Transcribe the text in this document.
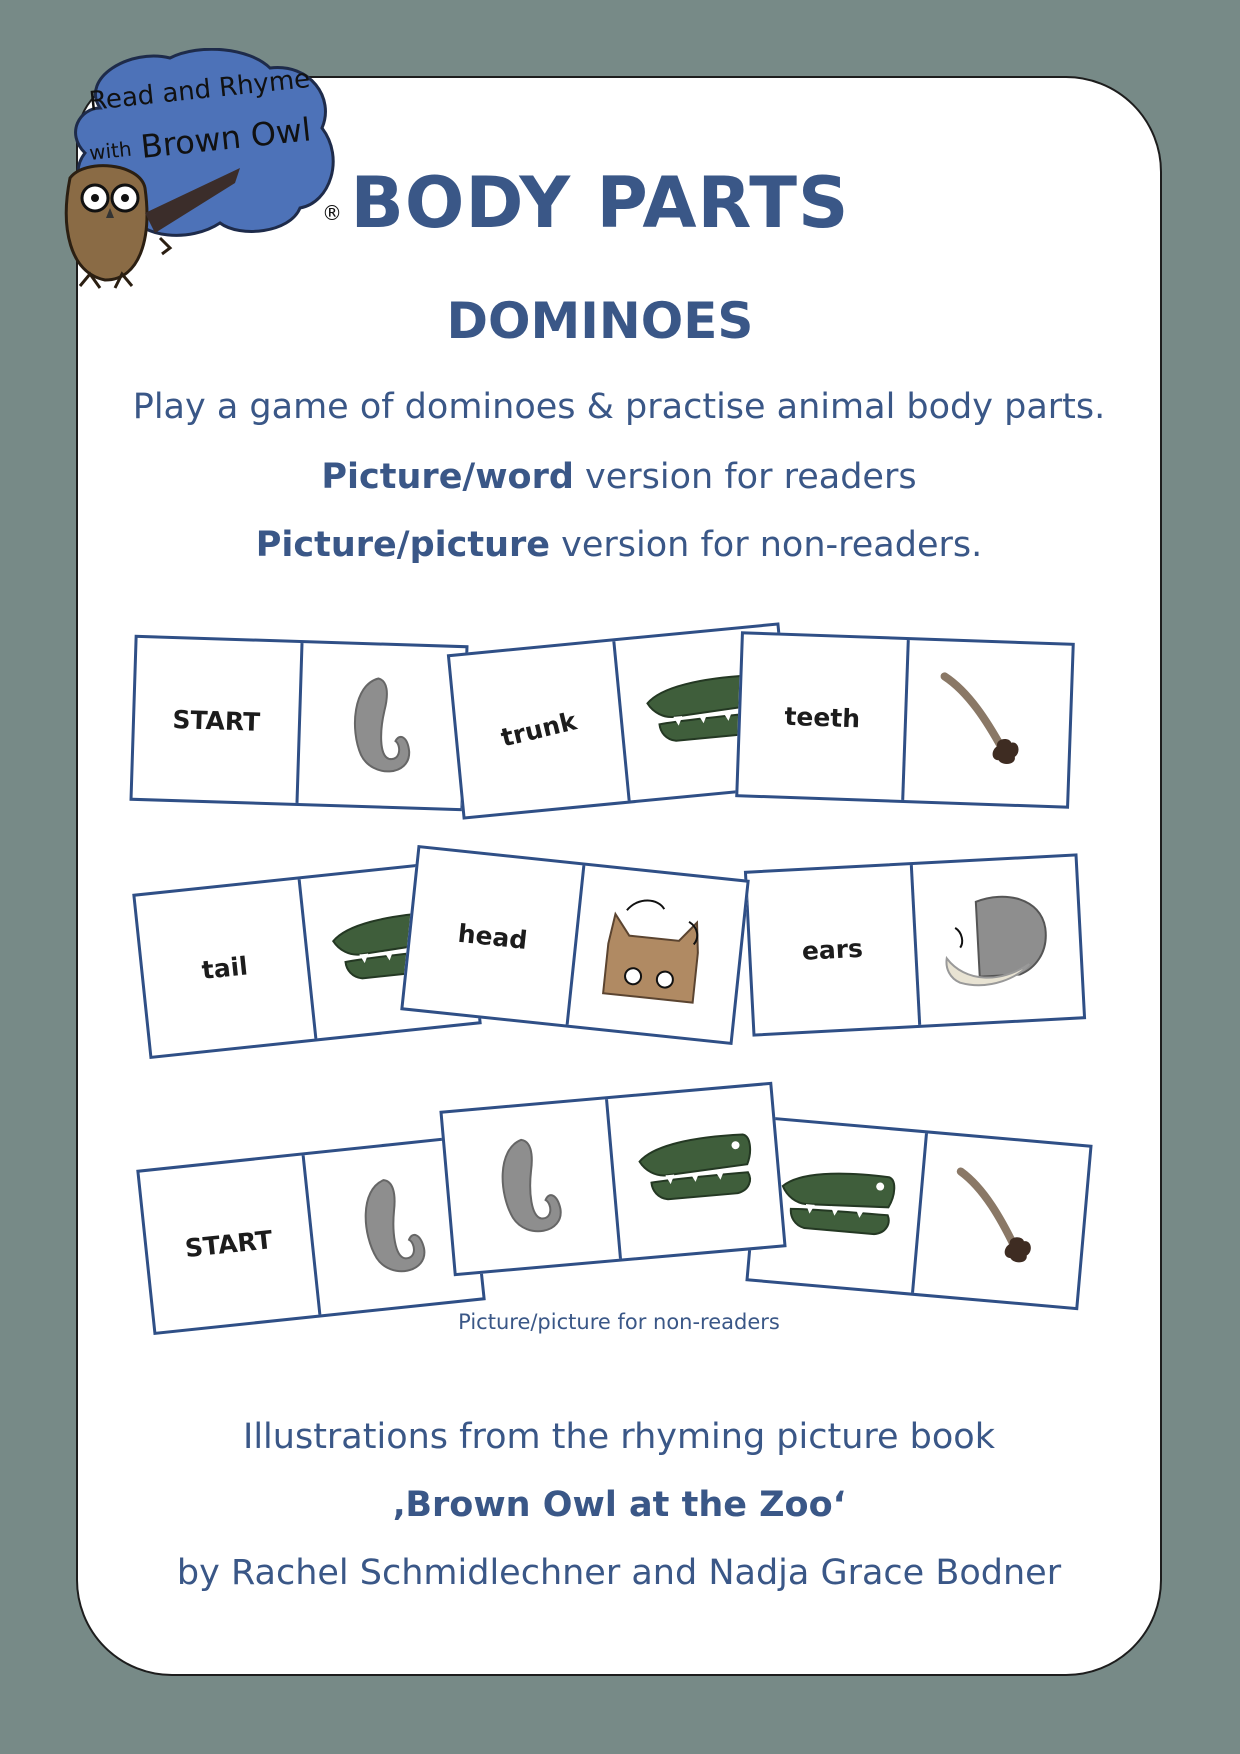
Read and Rhyme
with Brown Owl
® BODY PARTS
DOMINOES

Play a game of dominoes & practise animal body parts.

Picture/word version for readers

Picture/picture version for non-readers.

START	trunk	teeth
tail
ears
head
START

Picture/picture for non-readers

Illustrations from the rhyming picture book

‚Brown Owl at the Zoo‘

by Rachel Schmidlechner and Nadja Grace Bodner
